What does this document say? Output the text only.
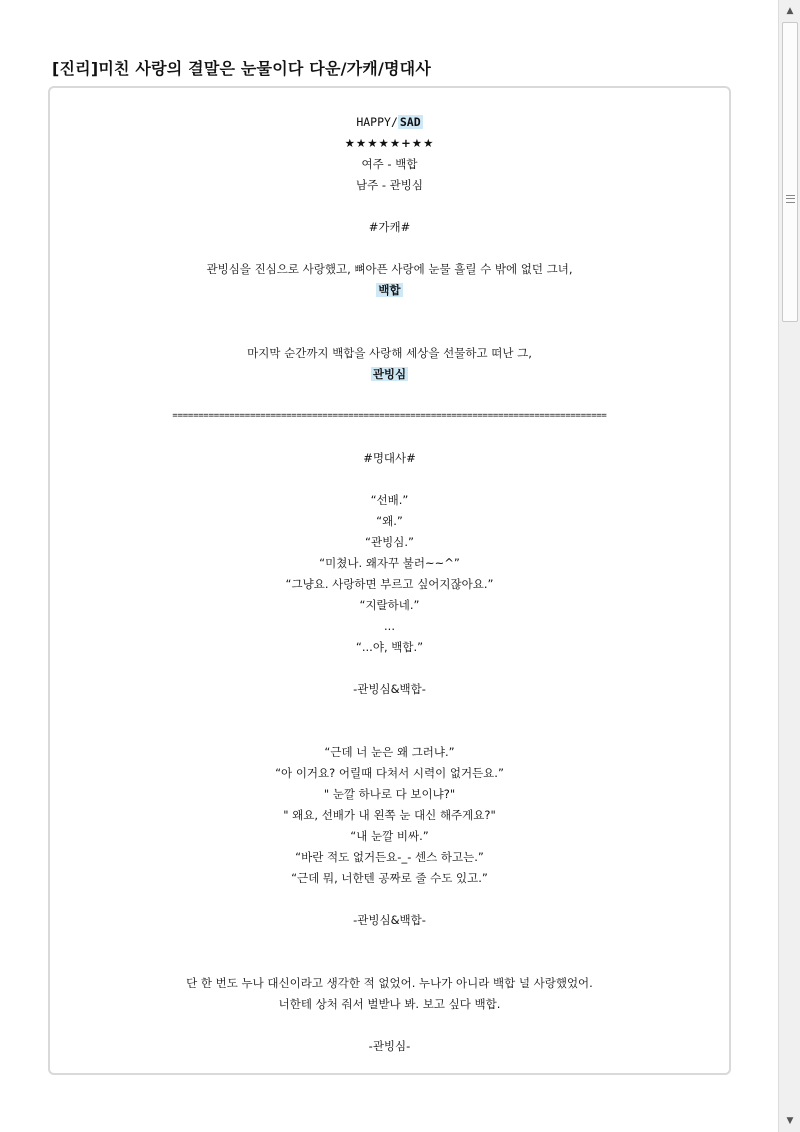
[진리]미친 사랑의 결말은 눈물이다 다운/가캐/명대사
HAPPY/ SAD
★★★★★+★★
여주 - 백합
남주 - 관빙심
#가캐#
관빙심을 진심으로 사랑했고, 뼈아픈 사랑에 눈물 흘릴 수 밖에 없던 그녀,
백합
마지막 순간까지 백합을 사랑해 세상을 선물하고 떠난 그,
관빙심
====================================================================================
#명대사#
“선배.”
“왜.”
“관빙심.”
“미쳤나. 왜자꾸 불러~~^”
“그냥요. 사랑하면 부르고 싶어지잖아요.”
“지랄하네.”
...
“...야, 백합.”
-관빙심&백합-
“근데 너 눈은 왜 그러냐.”
“아 이거요? 어릴때 다쳐서 시력이 없거든요.”
" 눈깔 하나로 다 보이냐?"
" 왜요, 선배가 내 왼쪽 눈 대신 해주게요?"
“내 눈깔 비싸.”
“바란 적도 없거든요-_- 센스 하고는.”
“근데 뭐, 너한텐 공짜로 줄 수도 있고.”
-관빙심&백합-
단 한 번도 누나 대신이라고 생각한 적 없었어. 누나가 아니라 백합 널 사랑했었어.
너한테 상처 줘서 벌받나 봐. 보고 싶다 백합.
-관빙심-
▲
▼
